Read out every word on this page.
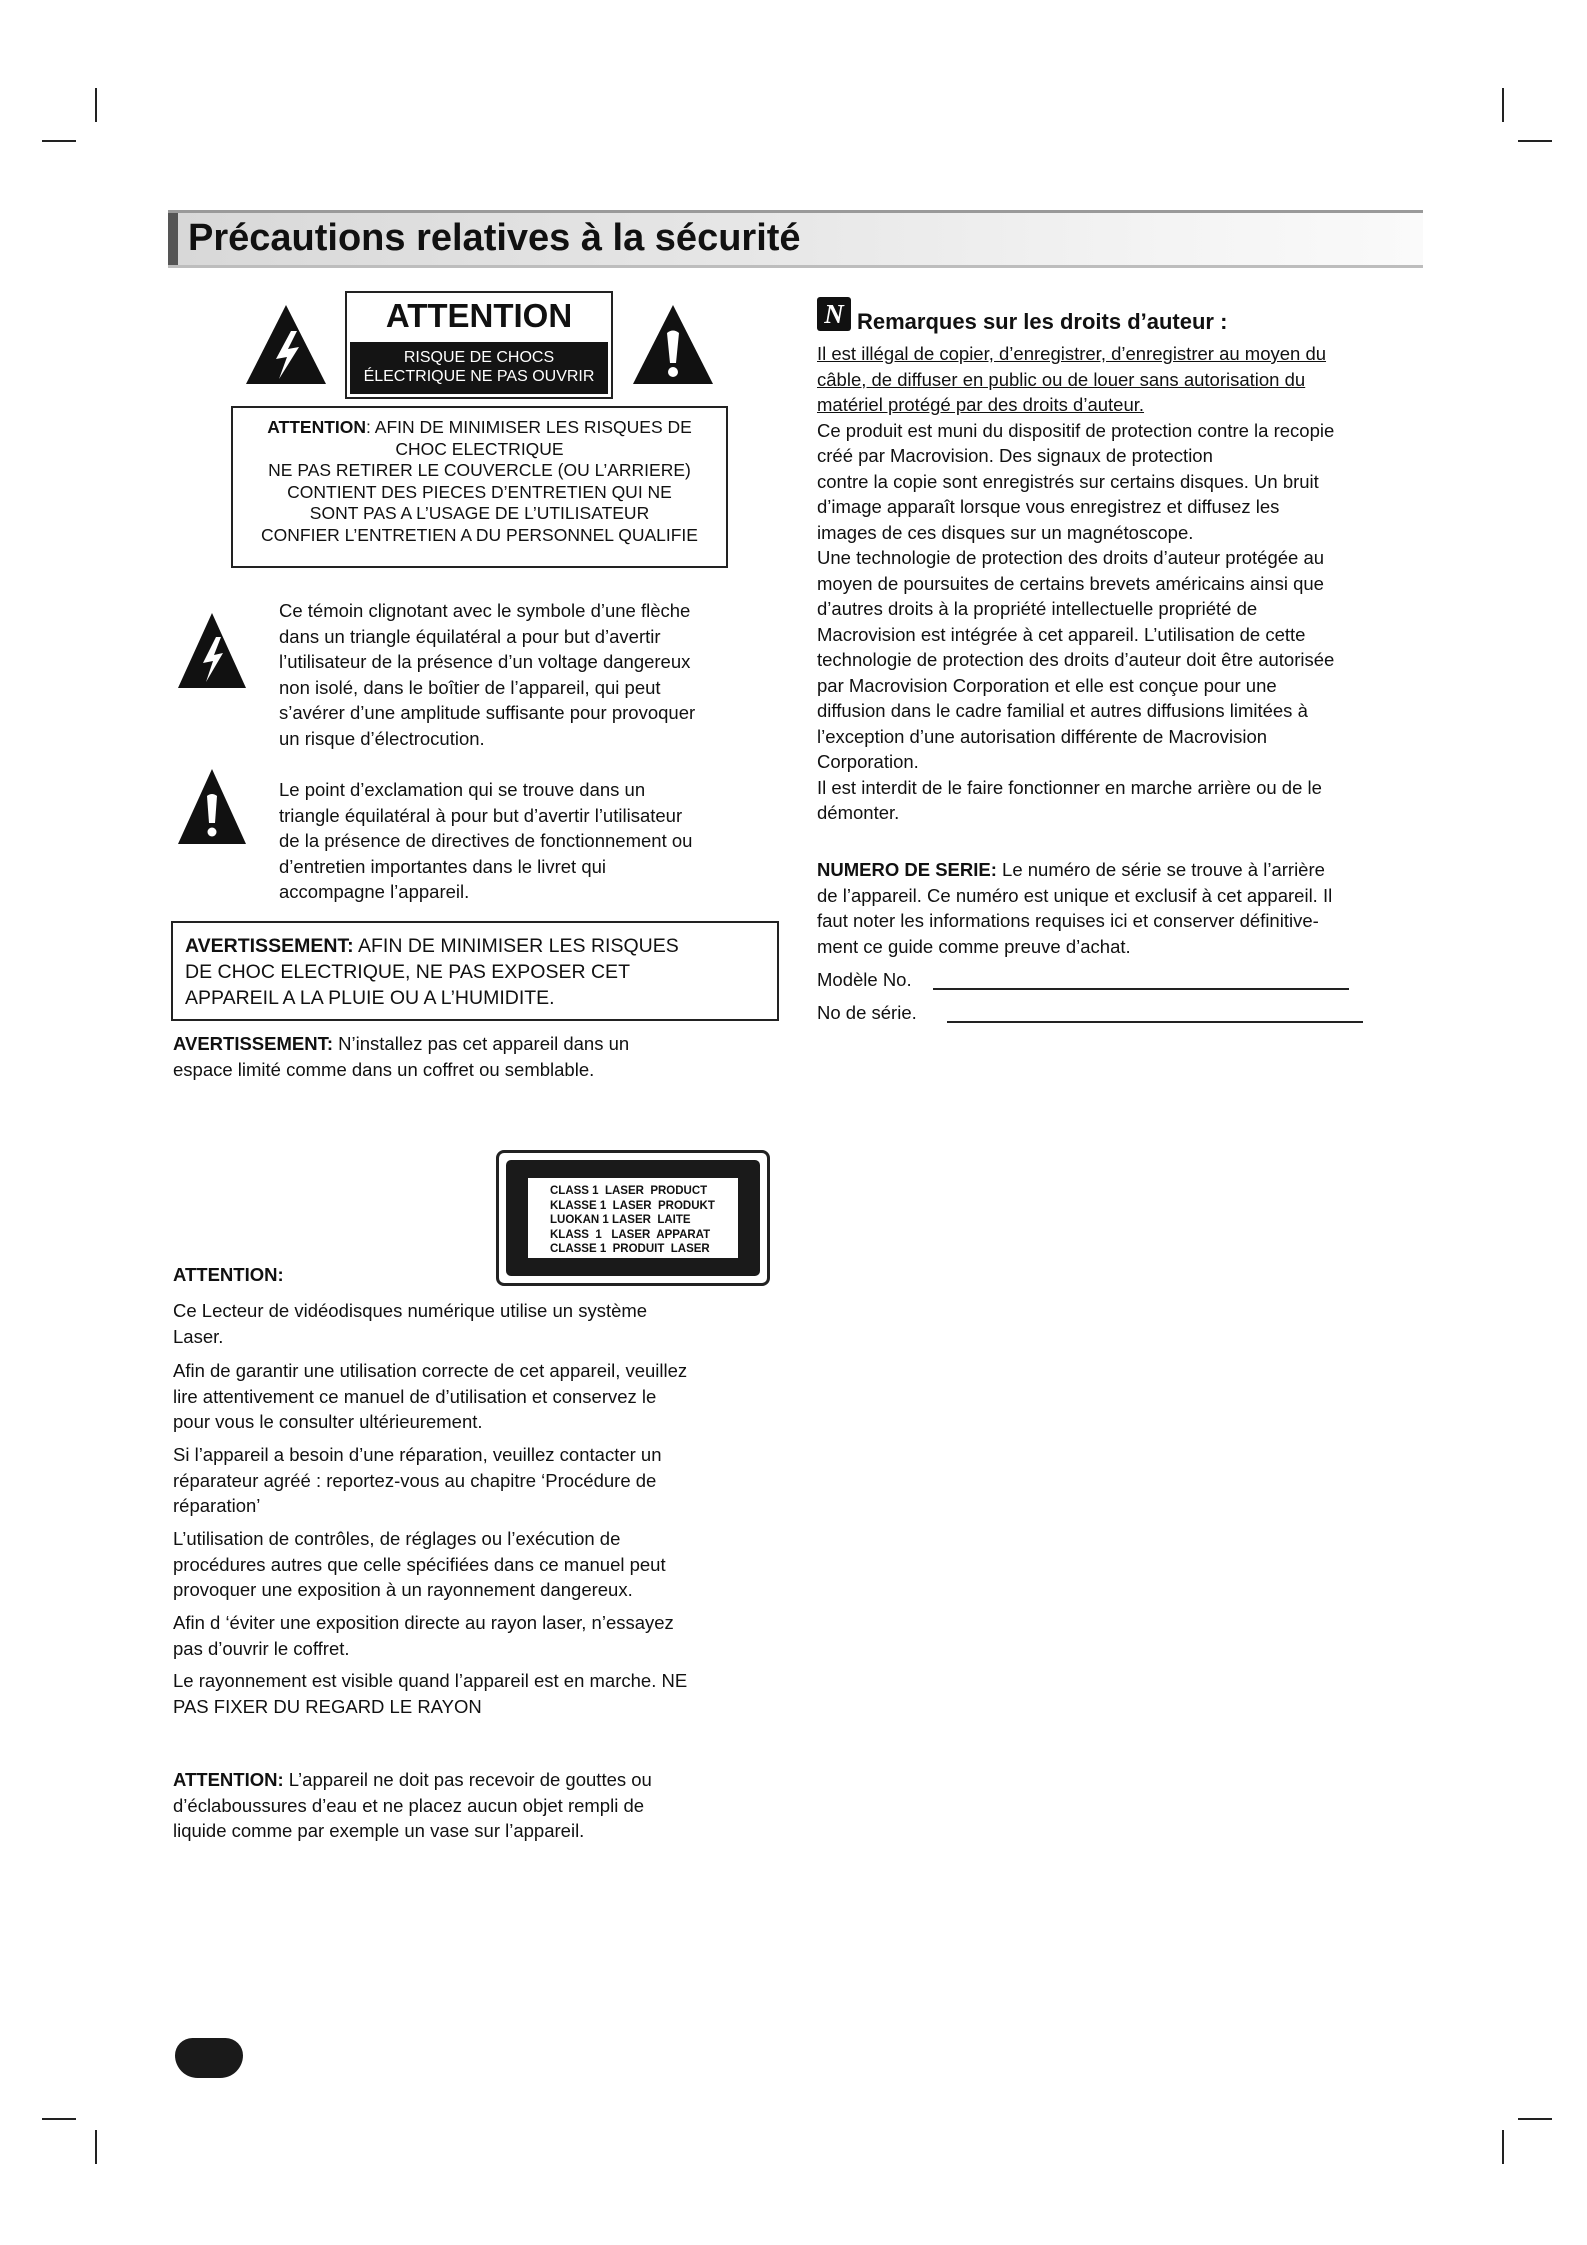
Précautions relatives à la sécurité
ATTENTION
RISQUE DE CHOCS
ÉLECTRIQUE NE PAS OUVRIR
ATTENTION: AFIN DE MINIMISER LES RISQUES DE
CHOC ELECTRIQUE
NE PAS RETIRER LE COUVERCLE (OU L’ARRIERE)
CONTIENT DES PIECES D’ENTRETIEN QUI NE
SONT PAS A L’USAGE DE L’UTILISATEUR
CONFIER L’ENTRETIEN A DU PERSONNEL QUALIFIE
Ce témoin clignotant avec le symbole d’une flèche
dans un triangle équilatéral a pour but d’avertir
l’utilisateur de la présence d’un voltage dangereux
non isolé, dans le boîtier de l’appareil, qui peut
s’avérer d’une amplitude suffisante pour provoquer
un risque d’électrocution.
Le point d’exclamation qui se trouve dans un
triangle équilatéral à pour but d’avertir l’utilisateur
de la présence de directives de fonctionnement ou
d’entretien importantes dans le livret qui
accompagne l’appareil.
AVERTISSEMENT: AFIN DE MINIMISER LES RISQUES
DE CHOC ELECTRIQUE, NE PAS EXPOSER CET
APPAREIL A LA PLUIE OU A L’HUMIDITE.
AVERTISSEMENT: N’installez pas cet appareil dans un
espace limité comme dans un coffret ou semblable.
CLASS 1  LASER  PRODUCT
KLASSE 1  LASER  PRODUKT
LUOKAN 1 LASER  LAITE
KLASS  1   LASER  APPARAT
CLASSE 1  PRODUIT  LASER
ATTENTION:
Ce Lecteur de vidéodisques numérique utilise un système
Laser.
Afin de garantir une utilisation correcte de cet appareil, veuillez
lire attentivement ce manuel de d’utilisation et conservez le
pour vous le consulter ultérieurement.
Si l’appareil a besoin d’une réparation, veuillez contacter un
réparateur agréé : reportez-vous au chapitre ‘Procédure de
réparation’
L’utilisation de contrôles, de réglages ou l’exécution de
procédures autres que celle spécifiées dans ce manuel peut
provoquer une exposition à un rayonnement dangereux.
Afin d ‘éviter une exposition directe au rayon laser, n’essayez
pas d’ouvrir le coffret.
Le rayonnement est visible quand l’appareil est en marche. NE
PAS FIXER DU REGARD LE RAYON
ATTENTION: L’appareil ne doit pas recevoir de gouttes ou
d’éclaboussures d’eau et ne placez aucun objet rempli de
liquide comme par exemple un vase sur l’appareil.
N Remarques sur les droits d’auteur :
Il est illégal de copier, d’enregistrer, d’enregistrer au moyen du
câble, de diffuser en public ou de louer sans autorisation du
matériel protégé par des droits d’auteur.
Ce produit est muni du dispositif de protection contre la recopie
créé par Macrovision. Des signaux de protection
contre la copie sont enregistrés sur certains disques. Un bruit
d’image apparaît lorsque vous enregistrez et diffusez les
images de ces disques sur un magnétoscope.
Une technologie de protection des droits d’auteur protégée au
moyen de poursuites de certains brevets américains ainsi que
d’autres droits à la propriété intellectuelle propriété de
Macrovision est intégrée à cet appareil. L’utilisation de cette
technologie de protection des droits d’auteur doit être autorisée
par Macrovision Corporation et elle est conçue pour une
diffusion dans le cadre familial et autres diffusions limitées à
l’exception d’une autorisation différente de Macrovision
Corporation.
Il est interdit de le faire fonctionner en marche arrière ou de le
démonter.
NUMERO DE SERIE: Le numéro de série se trouve à l’arrière
de l’appareil. Ce numéro est unique et exclusif à cet appareil. Il
faut noter les informations requises ici et conserver définitive-
ment ce guide comme preuve d’achat.
Modèle No.
No de série.
